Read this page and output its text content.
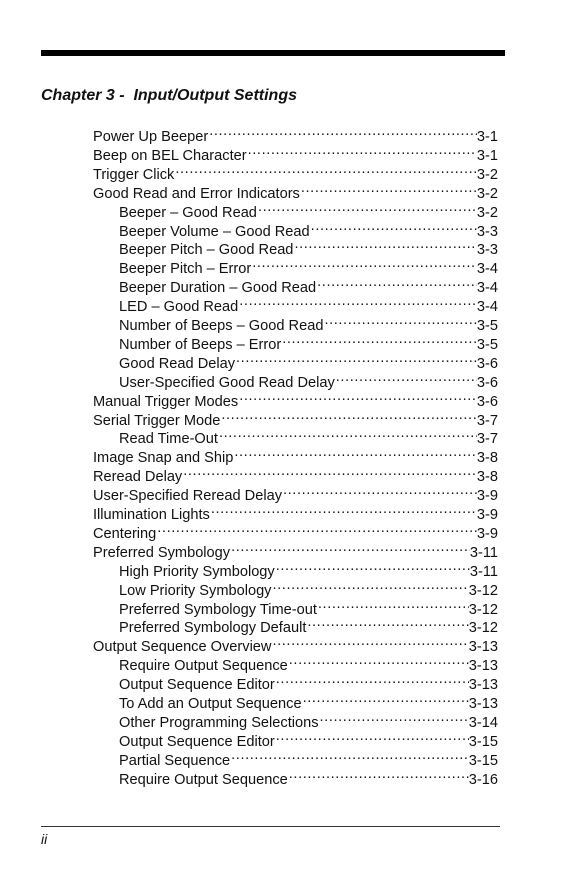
Chapter 3 -  Input/Output Settings
Power Up Beeper .....	3-1
Beep on BEL Character .....	3-1
Trigger Click .....	3-2
Good Read and Error Indicators .....	3-2
Beeper – Good Read .....	3-2
Beeper Volume – Good Read .....	3-3
Beeper Pitch – Good Read .....	3-3
Beeper Pitch – Error .....	3-4
Beeper Duration – Good Read .....	3-4
LED – Good Read .....	3-4
Number of Beeps – Good Read .....	3-5
Number of Beeps – Error .....	3-5
Good Read Delay .....	3-6
User-Specified Good Read Delay .....	3-6
Manual Trigger Modes .....	3-6
Serial Trigger Mode .....	3-7
Read Time-Out .....	3-7
Image Snap and Ship .....	3-8
Reread Delay .....	3-8
User-Specified Reread Delay .....	3-9
Illumination Lights .....	3-9
Centering .....	3-9
Preferred Symbology .....	3-11
High Priority Symbology .....	3-11
Low Priority Symbology .....	3-12
Preferred Symbology Time-out .....	3-12
Preferred Symbology Default .....	3-12
Output Sequence Overview .....	3-13
Require Output Sequence .....	3-13
Output Sequence Editor .....	3-13
To Add an Output Sequence .....	3-13
Other Programming Selections .....	3-14
Output Sequence Editor .....	3-15
Partial Sequence .....	3-15
Require Output Sequence .....	3-16
ii
